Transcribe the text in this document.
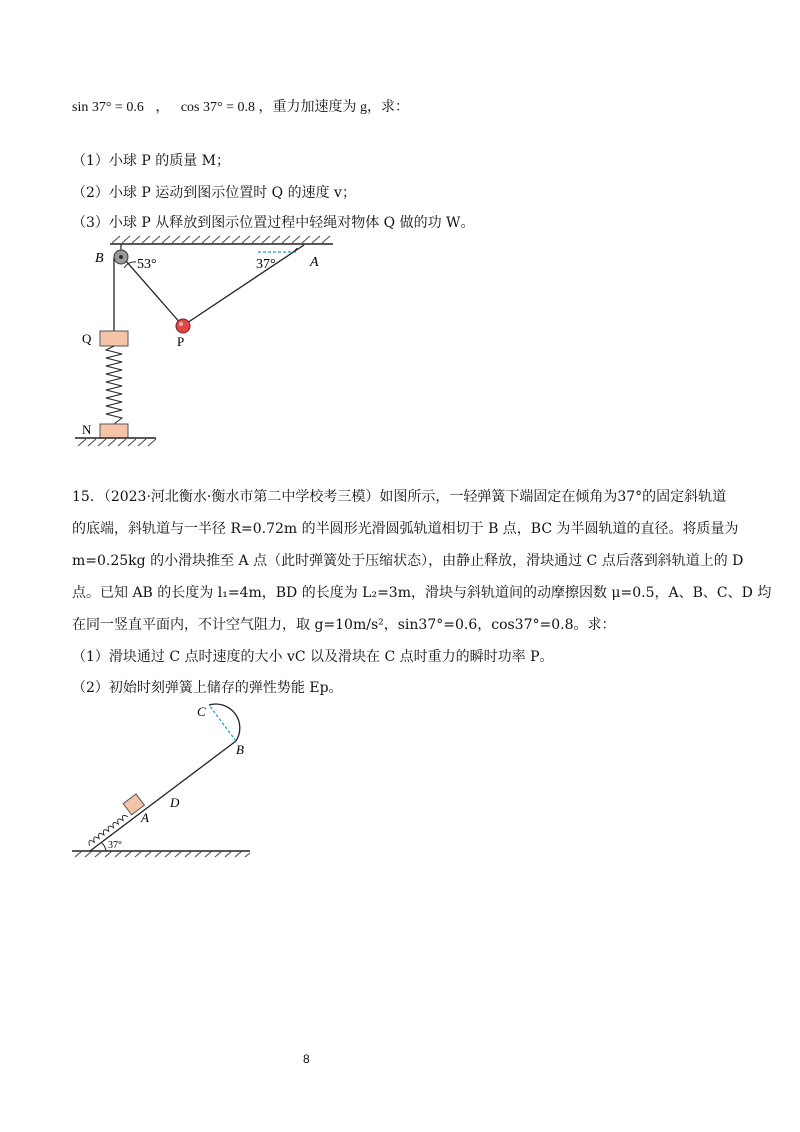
sin 37° = 0.6 ， cos 37° = 0.8 ，重力加速度为 g，求：
（1）小球 P 的质量 M；
（2）小球 P 运动到图示位置时 Q 的速度 v；
（3）小球 P 从释放到图示位置过程中轻绳对物体 Q 做的功 W。
B 53°	37° A
P
Q
N
15．（2023·河北衡水·衡水市第二中学校考三模）如图所示，一轻弹簧下端固定在倾角为37°的固定斜轨道
的底端，斜轨道与一半径 R=0.72m 的半圆形光滑圆弧轨道相切于 B 点，BC 为半圆轨道的直径。将质量为
m=0.25kg 的小滑块推至 A 点（此时弹簧处于压缩状态），由静止释放，滑块通过 C 点后落到斜轨道上的 D
点。已知 AB 的长度为 l₁=4m，BD 的长度为 L₂=3m，滑块与斜轨道间的动摩擦因数 μ=0.5，A、B、C、D 均
在同一竖直平面内，不计空气阻力，取 g=10m/s²，sin37°=0.6，cos37°=0.8。求：
（1）滑块通过 C 点时速度的大小 vC 以及滑块在 C 点时重力的瞬时功率 P。
（2）初始时刻弹簧上储存的弹性势能 Ep。
C
B
D
A
37°
8
